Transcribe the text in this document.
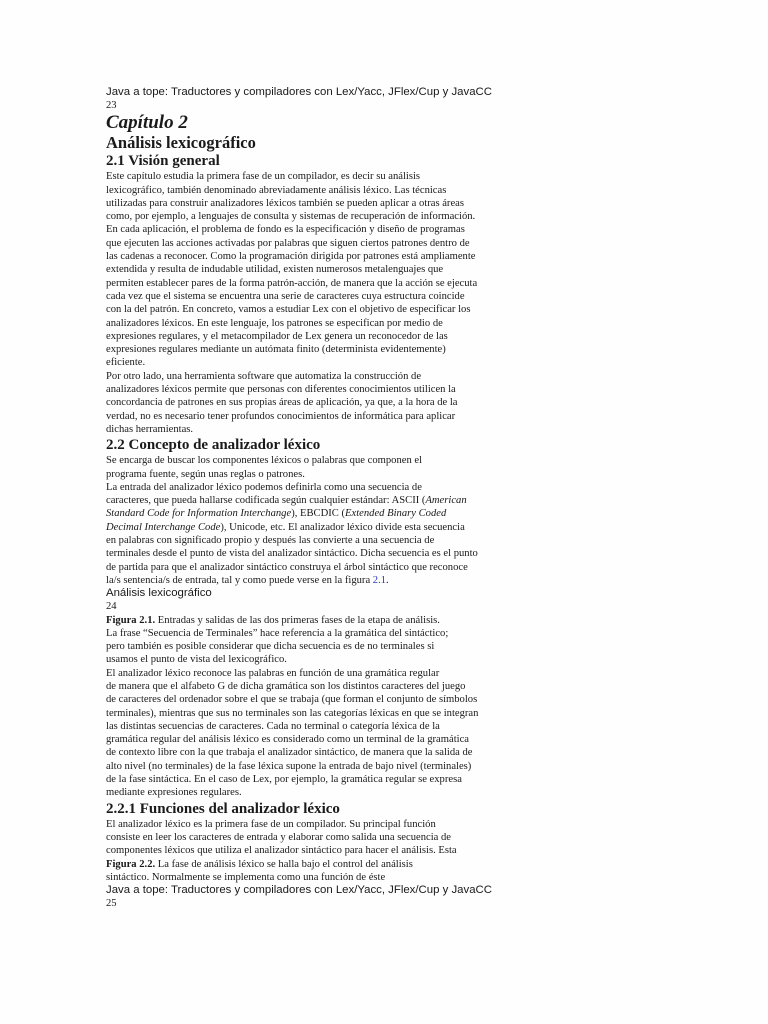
Java a tope: Traductores y compiladores con Lex/Yacc, JFlex/Cup y JavaCC

23

Capítulo 2

Análisis lexicográfico

2.1 Visión general

Este capítulo estudia la primera fase de un compilador, es decir su análisis

lexicográfico, también denominado abreviadamente análisis léxico. Las técnicas

utilizadas para construir analizadores léxicos también se pueden aplicar a otras áreas

como, por ejemplo, a lenguajes de consulta y sistemas de recuperación de información.

En cada aplicación, el problema de fondo es la especificación y diseño de programas

que ejecuten las acciones activadas por palabras que siguen ciertos patrones dentro de

las cadenas a reconocer. Como la programación dirigida por patrones está ampliamente

extendida y resulta de indudable utilidad, existen numerosos metalenguajes que

permiten establecer pares de la forma patrón-acción, de manera que la acción se ejecuta

cada vez que el sistema se encuentra una serie de caracteres cuya estructura coincide

con la del patrón. En concreto, vamos a estudiar Lex con el objetivo de especificar los

analizadores léxicos. En este lenguaje, los patrones se especifican por medio de

expresiones regulares, y el metacompilador de Lex genera un reconocedor de las

expresiones regulares mediante un autómata finito (determinista evidentemente)

eficiente.

Por otro lado, una herramienta software que automatiza la construcción de

analizadores léxicos permite que personas con diferentes conocimientos utilicen la

concordancia de patrones en sus propias áreas de aplicación, ya que, a la hora de la

verdad, no es necesario tener profundos conocimientos de informática para aplicar

dichas herramientas.

2.2 Concepto de analizador léxico

Se encarga de buscar los componentes léxicos o palabras que componen el

programa fuente, según unas reglas o patrones.

La entrada del analizador léxico podemos definirla como una secuencia de

caracteres, que pueda hallarse codificada según cualquier estándar: ASCII (American

Standard Code for Information Interchange), EBCDIC (Extended Binary Coded

Decimal Interchange Code), Unicode, etc. El analizador léxico divide esta secuencia

en palabras con significado propio y después las convierte a una secuencia de

terminales desde el punto de vista del analizador sintáctico. Dicha secuencia es el punto

de partida para que el analizador sintáctico construya el árbol sintáctico que reconoce

la/s sentencia/s de entrada, tal y como puede verse en la figura 2.1.

Análisis lexicográfico

24

Figura 2.1. Entradas y salidas de las dos primeras fases de la etapa de análisis.

La frase “Secuencia de Terminales” hace referencia a la gramática del sintáctico;

pero también es posible considerar que dicha secuencia es de no terminales si

usamos el punto de vista del lexicográfico.

El analizador léxico reconoce las palabras en función de una gramática regular

de manera que el alfabeto G de dicha gramática son los distintos caracteres del juego

de caracteres del ordenador sobre el que se trabaja (que forman el conjunto de símbolos

terminales), mientras que sus no terminales son las categorías léxicas en que se integran

las distintas secuencias de caracteres. Cada no terminal o categoría léxica de la

gramática regular del análisis léxico es considerado como un terminal de la gramática

de contexto libre con la que trabaja el analizador sintáctico, de manera que la salida de

alto nivel (no terminales) de la fase léxica supone la entrada de bajo nivel (terminales)

de la fase sintáctica. En el caso de Lex, por ejemplo, la gramática regular se expresa

mediante expresiones regulares.

2.2.1 Funciones del analizador léxico

El analizador léxico es la primera fase de un compilador. Su principal función

consiste en leer los caracteres de entrada y elaborar como salida una secuencia de

componentes léxicos que utiliza el analizador sintáctico para hacer el análisis. Esta

Figura 2.2. La fase de análisis léxico se halla bajo el control del análisis

sintáctico. Normalmente se implementa como una función de éste

Java a tope: Traductores y compiladores con Lex/Yacc, JFlex/Cup y JavaCC

25
